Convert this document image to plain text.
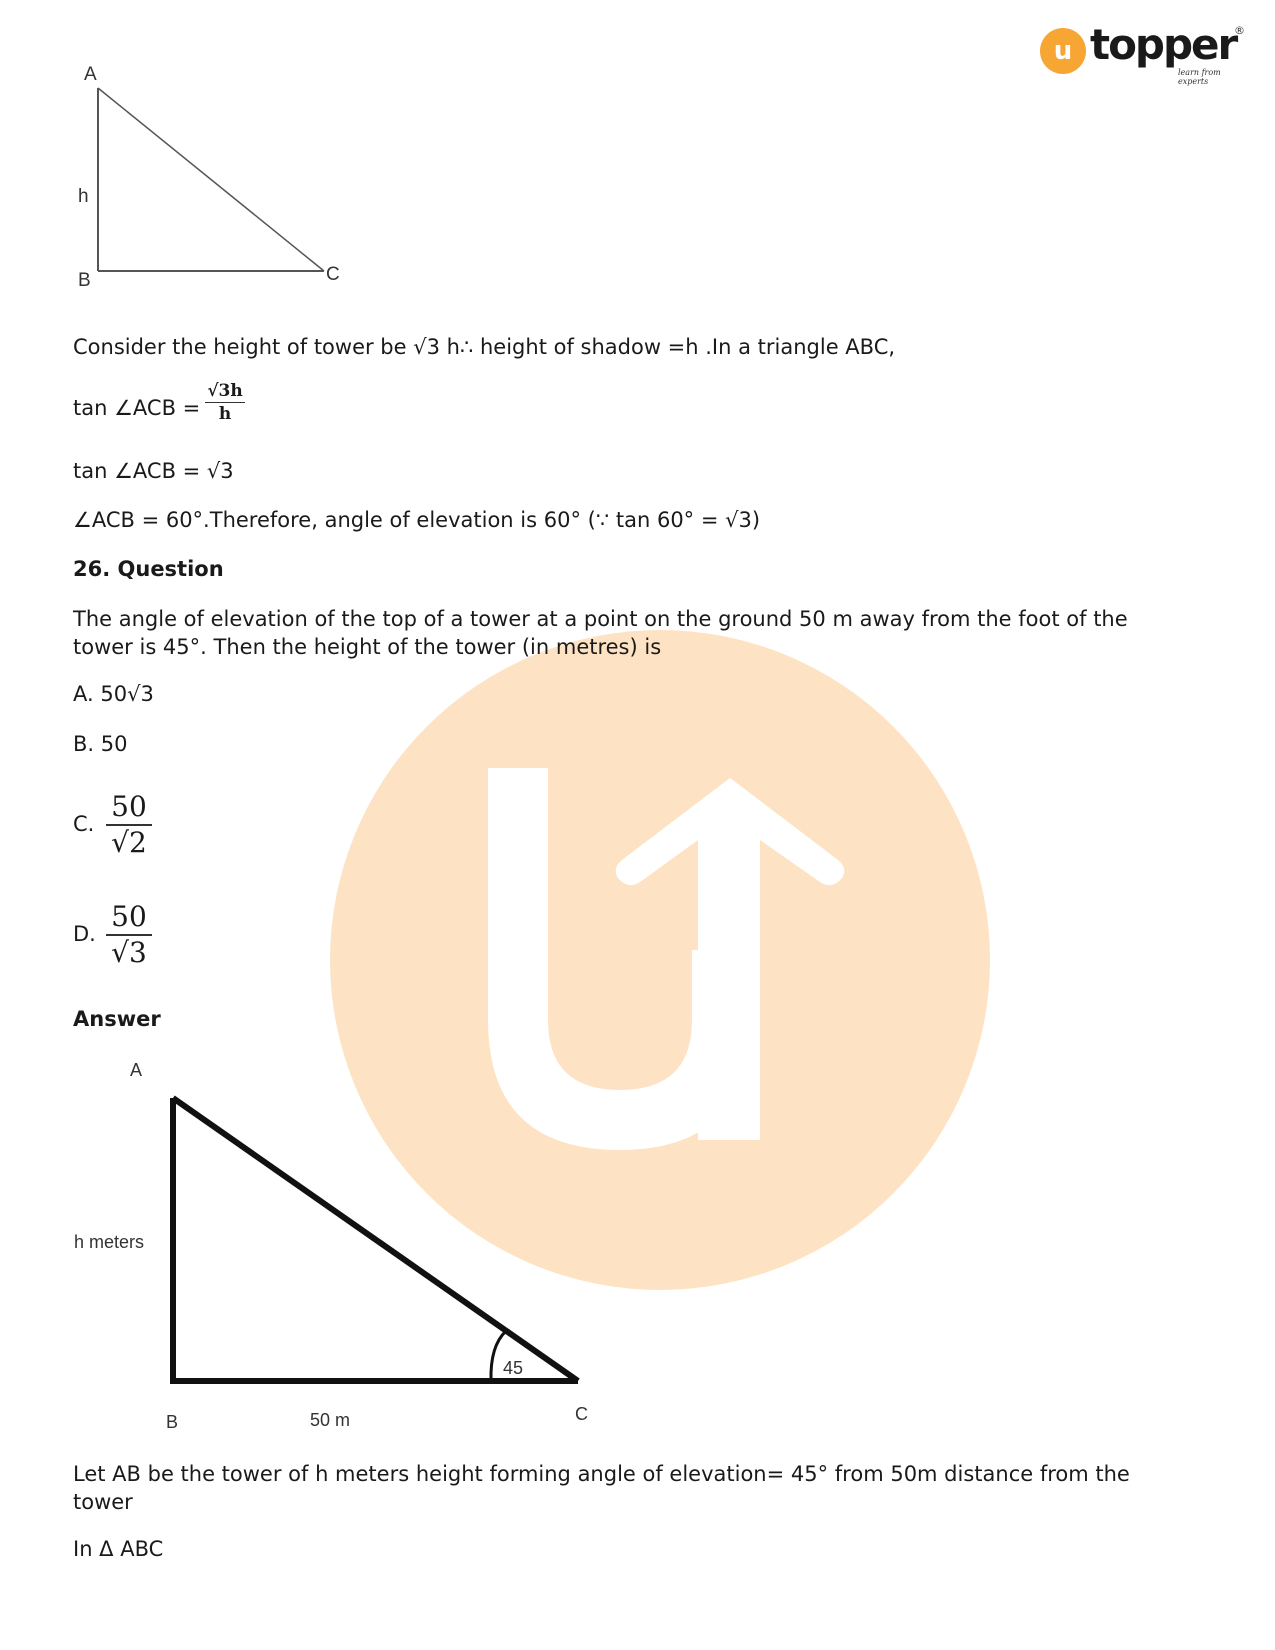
u topper
®
learn from experts
A
B	C
h
Consider the height of tower be √3 h∴ height of shadow =h .In a triangle ABC,
tan ∠ACB =
√3h
h
tan ∠ACB = √3
∠ACB = 60°.Therefore, angle of elevation is 60° (∵ tan 60° = √3)
26. Question
The angle of elevation of the top of a tower at a point on the ground 50 m away from the foot of the tower is 45°. Then the height of the tower (in metres) is
A. 50√3
B. 50
C.
50
√2
D.
50
√3
Answer
A
B	C
h meters
50 m
45
Let AB be the tower of h meters height forming angle of elevation= 45° from 50m distance from the tower
In Δ ABC
